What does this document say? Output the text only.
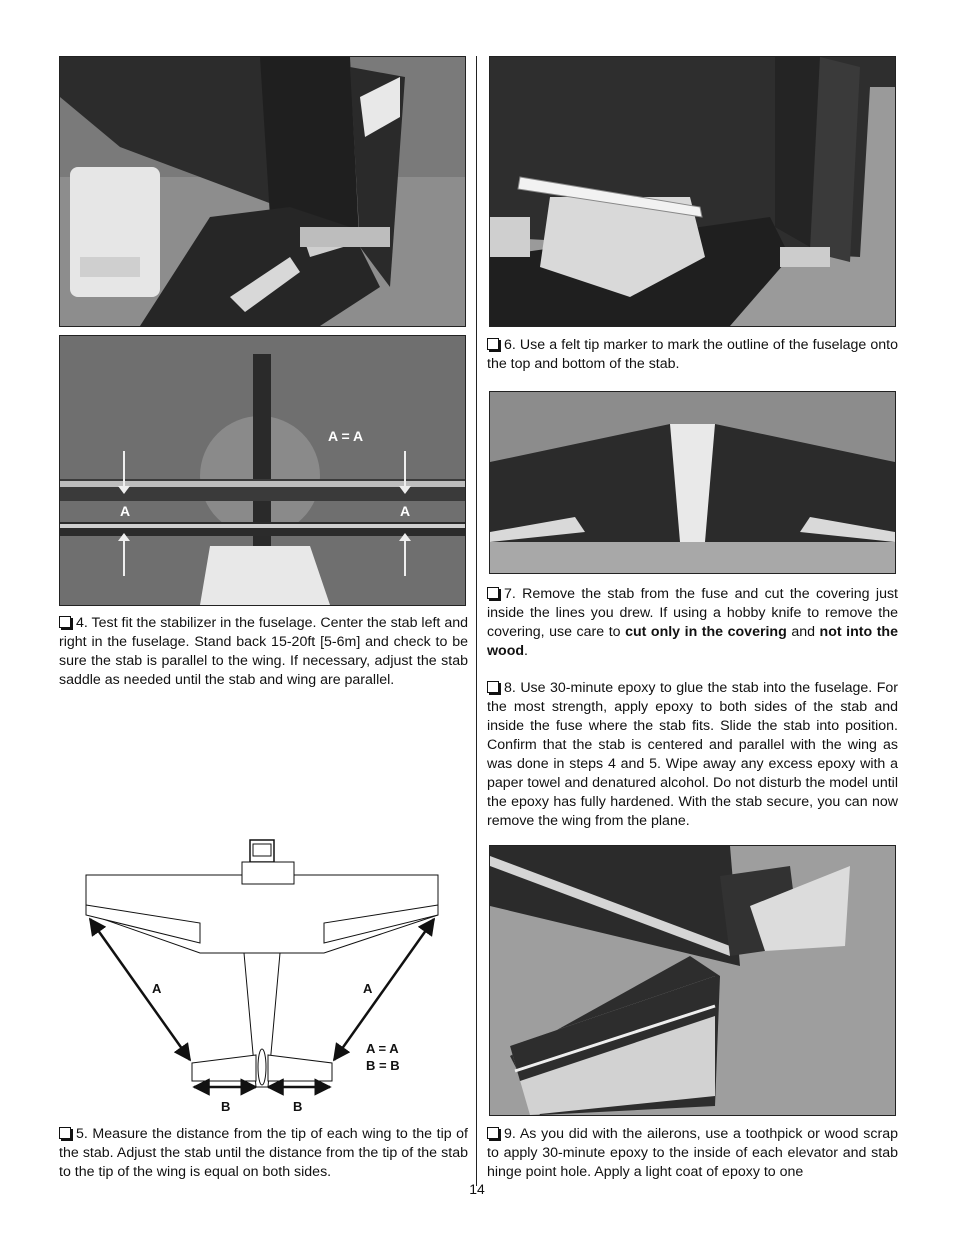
A = A
A	A

4. Test fit the stabilizer in the fuselage. Center the stab left and right in the fuselage. Stand back 15-20ft [5-6m] and check to be sure the stab is parallel to the wing. If necessary, adjust the stab saddle as needed until the stab and wing are parallel.

A	A
B	B
A = A
B = B

5. Measure the distance from the tip of each wing to the tip of the stab. Adjust the stab until the distance from the tip of the stab to the tip of the wing is equal on both sides.

6. Use a felt tip marker to mark the outline of the fuselage onto the top and bottom of the stab.

7. Remove the stab from the fuse and cut the covering just inside the lines you drew. If using a hobby knife to remove the covering, use care to cut only in the covering and not into the wood.

8. Use 30-minute epoxy to glue the stab into the fuselage. For the most strength, apply epoxy to both sides of the stab and inside the fuse where the stab fits. Slide the stab into position. Confirm that the stab is centered and parallel with the wing as was done in steps 4 and 5. Wipe away any excess epoxy with a paper towel and denatured alcohol. Do not disturb the model until the epoxy has fully hardened. With the stab secure, you can now remove the wing from the plane.

9. As you did with the ailerons, use a toothpick or wood scrap to apply 30-minute epoxy to the inside of each elevator and stab hinge point hole. Apply a light coat of epoxy to one

14
